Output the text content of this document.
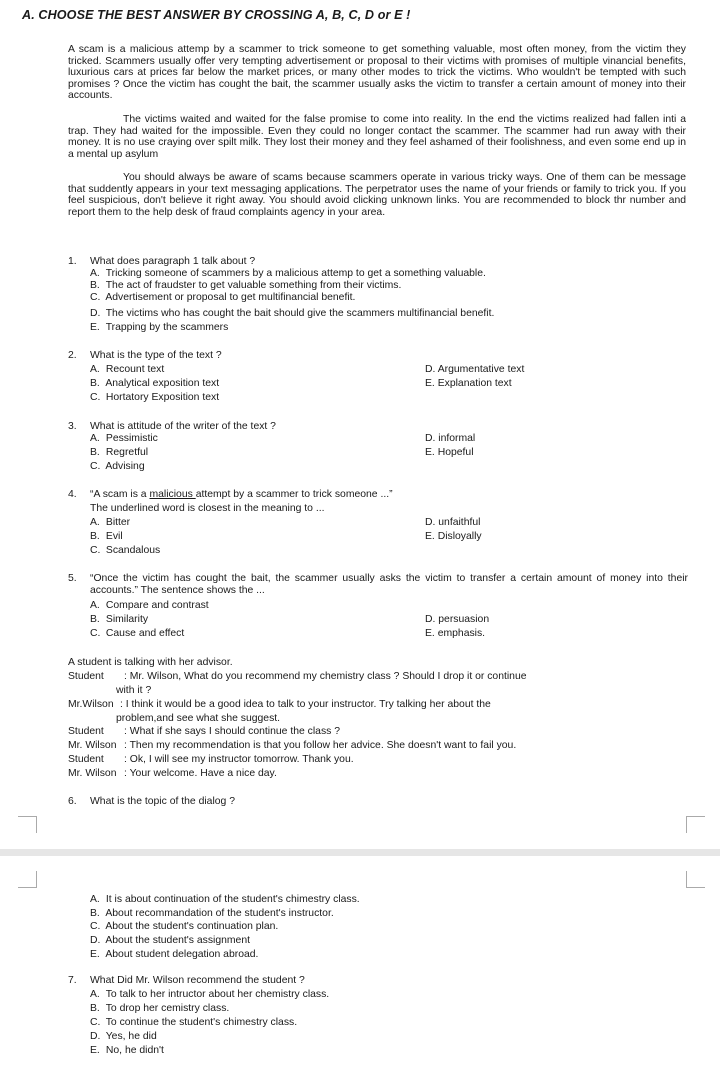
A. CHOOSE THE BEST ANSWER BY CROSSING A, B, C, D or E !
A scam is a malicious attemp by a scammer to trick someone to get something valuable, most often money, from the victim they tricked. Scammers usually offer very tempting advertisement or proposal to their victims with promises of multiple vinancial benefits, luxurious cars at prices far below the market prices, or many other modes to trick the victims. Who wouldn't be tempted with such promises ? Once the victim has cought the bait, the scammer usually asks the victim to transfer a certain amount of money into their accounts.
The victims waited and waited for the false promise to come into reality. In the end the victims realized had fallen inti a trap. They had waited for the impossible. Even they could no longer contact the scammer. The scammer had run away with their money. It is no use craying over spilt milk. They lost their money and they feel ashamed of their foolishness, and even some end up in a mental up asylum
You should always be aware of scams because scammers operate in various tricky ways. One of them can be message that suddently appears in your text messaging applications. The perpetrator uses the name of your friends or family to trick you. If you feel suspicious, don't believe it right away. You should avoid clicking unknown links. You are recommended to block thr number and report them to the help desk of fraud complaints agency in your area.
1. What does paragraph 1 talk about ?
A. Tricking someone of scammers by a malicious attemp to get a something valuable.
B. The act of fraudster to get valuable something from their victims.
C. Advertisement or proposal to get multifinancial benefit.
D. The victims who has cought the bait should give the scammers multifinancial benefit.
E. Trapping by the scammers
2. What is the type of the text ?
A. Recount text
B. Analytical exposition text
C. Hortatory Exposition text
D. Argumentative text
E. Explanation text
3. What is attitude of the writer of the text ?
A. Pessimistic
B. Regretful
C. Advising
D. informal
E. Hopeful
4. “A scam is a malicious attempt by a scammer to trick someone ...”
The underlined word is closest in the meaning to ...
A. Bitter
B. Evil
C. Scandalous
D. unfaithful
E. Disloyally
5. “Once the victim has cought the bait, the scammer usually asks the victim to transfer a certain amount of money into their accounts.” The sentence shows the ...
A. Compare and contrast
B. Similarity
C. Cause and effect
D. persuasion
E. emphasis.
A student is talking with her advisor.
Student : Mr. Wilson, What do you recommend my chemistry class ? Should I drop it or continue
with it ?
Mr.Wilson : I think it would be a good idea to talk to your instructor. Try talking her about the
problem,and see what she suggest.
Student : What if she says I should continue the class ?
Mr. Wilson : Then my recommendation is that you follow her advice. She doesn't want to fail you.
Student : Ok, I will see my instructor tomorrow. Thank you.
Mr. Wilson : Your welcome. Have a nice day.
6. What is the topic of the dialog ?
A. It is about continuation of the student's chimestry class.
B. About recommandation of the student's instructor.
C. About the student's continuation plan.
D. About the student's assignment
E. About student delegation abroad.
7. What Did Mr. Wilson recommend the student ?
A. To talk to her intructor about her chemistry class.
B. To drop her cemistry class.
C. To continue the student's chimestry class.
D. Yes, he did
E. No, he didn't
